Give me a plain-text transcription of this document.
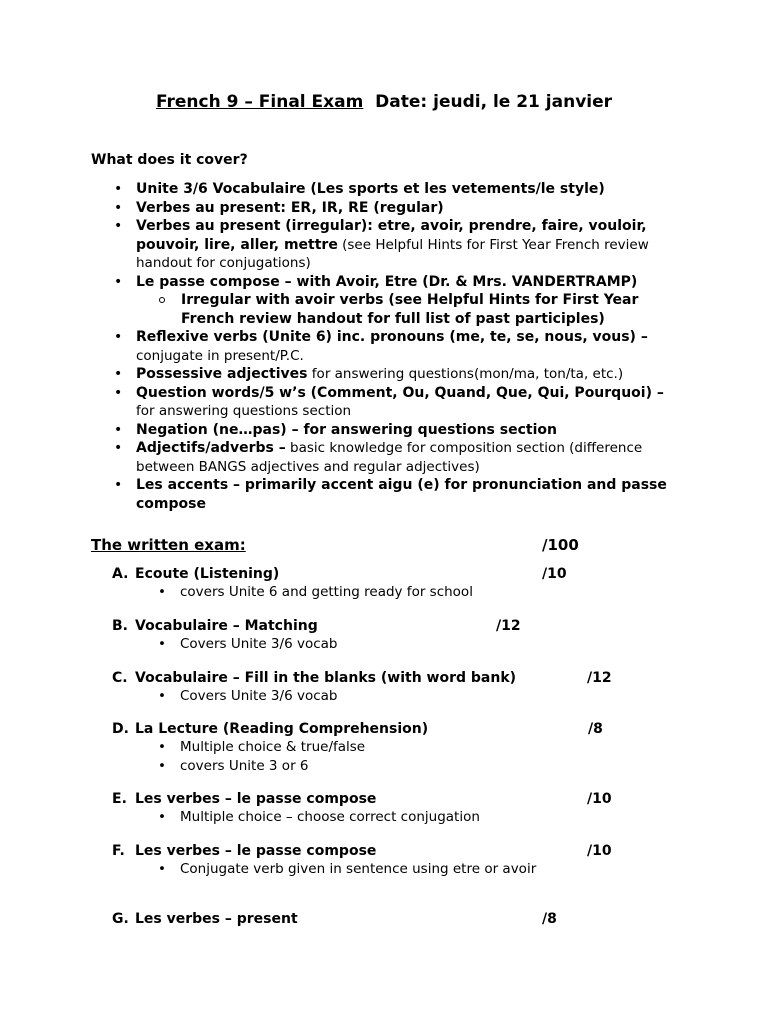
French 9 – Final Exam Date: jeudi, le 21 janvier
What does it cover?
• Unite 3/6 Vocabulaire (Les sports et les vetements/le style)
• Verbes au present: ER, IR, RE (regular)
• Verbes au present (irregular): etre, avoir, prendre, faire, vouloir, pouvoir, lire, aller, mettre (see Helpful Hints for First Year French review handout for conjugations)
• Le passe compose – with Avoir, Etre (Dr. & Mrs. VANDERTRAMP)
Irregular with avoir verbs (see Helpful Hints for First Year French review handout for full list of past participles)
• Reflexive verbs (Unite 6) inc. pronouns (me, te, se, nous, vous) – conjugate in present/P.C.
• Possessive adjectives for answering questions(mon/ma, ton/ta, etc.)
• Question words/5 w’s (Comment, Ou, Quand, Que, Qui, Pourquoi) – for answering questions section
• Negation (ne…pas) – for answering questions section
• Adjectifs/adverbs – basic knowledge for composition section (difference between BANGS adjectives and regular adjectives)
• Les accents – primarily accent aigu (e) for pronunciation and passe compose
The written exam:	/100
A. Ecoute (Listening)	/10
• covers Unite 6 and getting ready for school
B. Vocabulaire – Matching	/12
• Covers Unite 3/6 vocab
C. Vocabulaire – Fill in the blanks (with word bank)	/12
• Covers Unite 3/6 vocab
D. La Lecture (Reading Comprehension)	/8
• Multiple choice & true/false
• covers Unite 3 or 6
E. Les verbes – le passe compose	/10
• Multiple choice – choose correct conjugation
F. Les verbes – le passe compose	/10
• Conjugate verb given in sentence using etre or avoir
G. Les verbes – present	/8
